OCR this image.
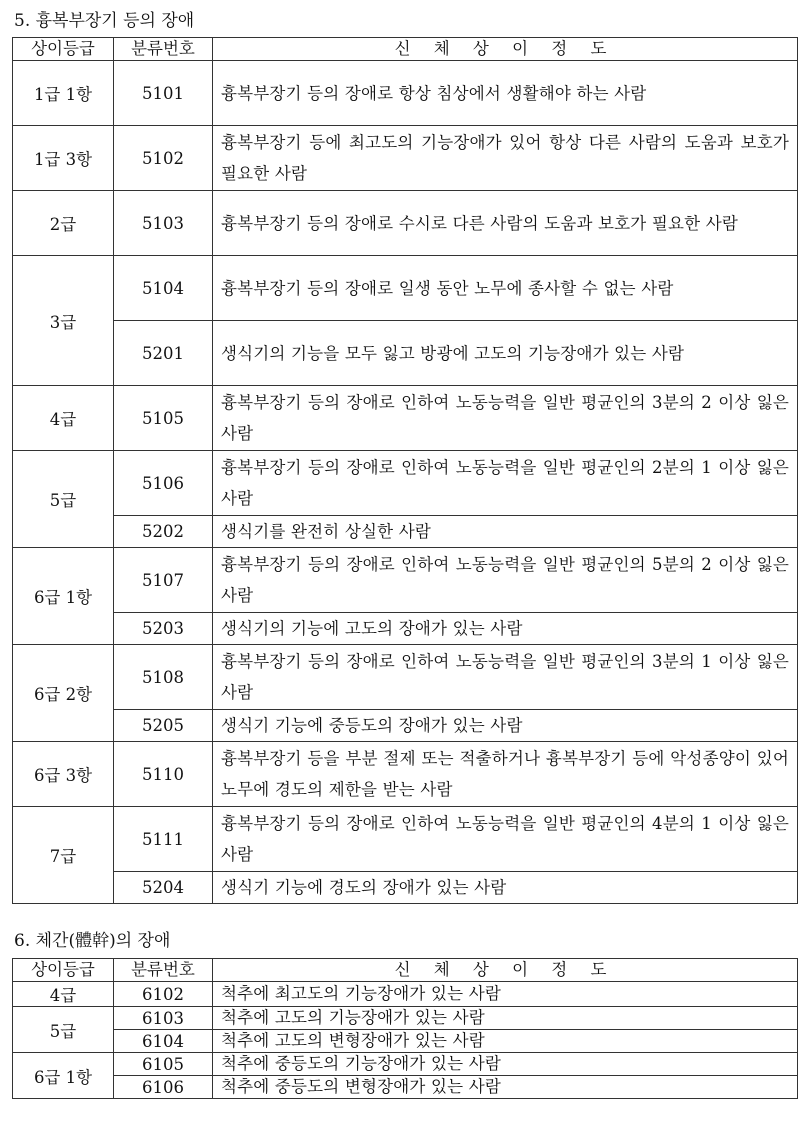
5. 흉복부장기 등의 장애
상이등급	분류번호	신 체 상 이 정 도
1급 1항	5101	흉복부장기 등의 장애로 항상 침상에서 생활해야 하는 사람
1급 3항	5102	흉복부장기 등에 최고도의 기능장애가 있어 항상 다른 사람의 도움과 보호가 필요한 사람
2급	5103	흉복부장기 등의 장애로 수시로 다른 사람의 도움과 보호가 필요한 사람
3급	5104	흉복부장기 등의 장애로 일생 동안 노무에 종사할 수 없는 사람
	5201	생식기의 기능을 모두 잃고 방광에 고도의 기능장애가 있는 사람
4급	5105	흉복부장기 등의 장애로 인하여 노동능력을 일반 평균인의 3분의 2 이상 잃은 사람
5급	5106	흉복부장기 등의 장애로 인하여 노동능력을 일반 평균인의 2분의 1 이상 잃은 사람
	5202	생식기를 완전히 상실한 사람
6급 1항	5107	흉복부장기 등의 장애로 인하여 노동능력을 일반 평균인의 5분의 2 이상 잃은 사람
	5203	생식기의 기능에 고도의 장애가 있는 사람
6급 2항	5108	흉복부장기 등의 장애로 인하여 노동능력을 일반 평균인의 3분의 1 이상 잃은 사람
	5205	생식기 기능에 중등도의 장애가 있는 사람
6급 3항	5110	흉복부장기 등을 부분 절제 또는 적출하거나 흉복부장기 등에 악성종양이 있어 노무에 경도의 제한을 받는 사람
7급	5111	흉복부장기 등의 장애로 인하여 노동능력을 일반 평균인의 4분의 1 이상 잃은 사람
	5204	생식기 기능에 경도의 장애가 있는 사람
6. 체간(體幹)의 장애
상이등급	분류번호	신 체 상 이 정 도
4급	6102	척추에 최고도의 기능장애가 있는 사람
5급	6103	척추에 고도의 기능장애가 있는 사람
	6104	척추에 고도의 변형장애가 있는 사람
6급 1항	6105	척추에 중등도의 기능장애가 있는 사람
	6106	척추에 중등도의 변형장애가 있는 사람
